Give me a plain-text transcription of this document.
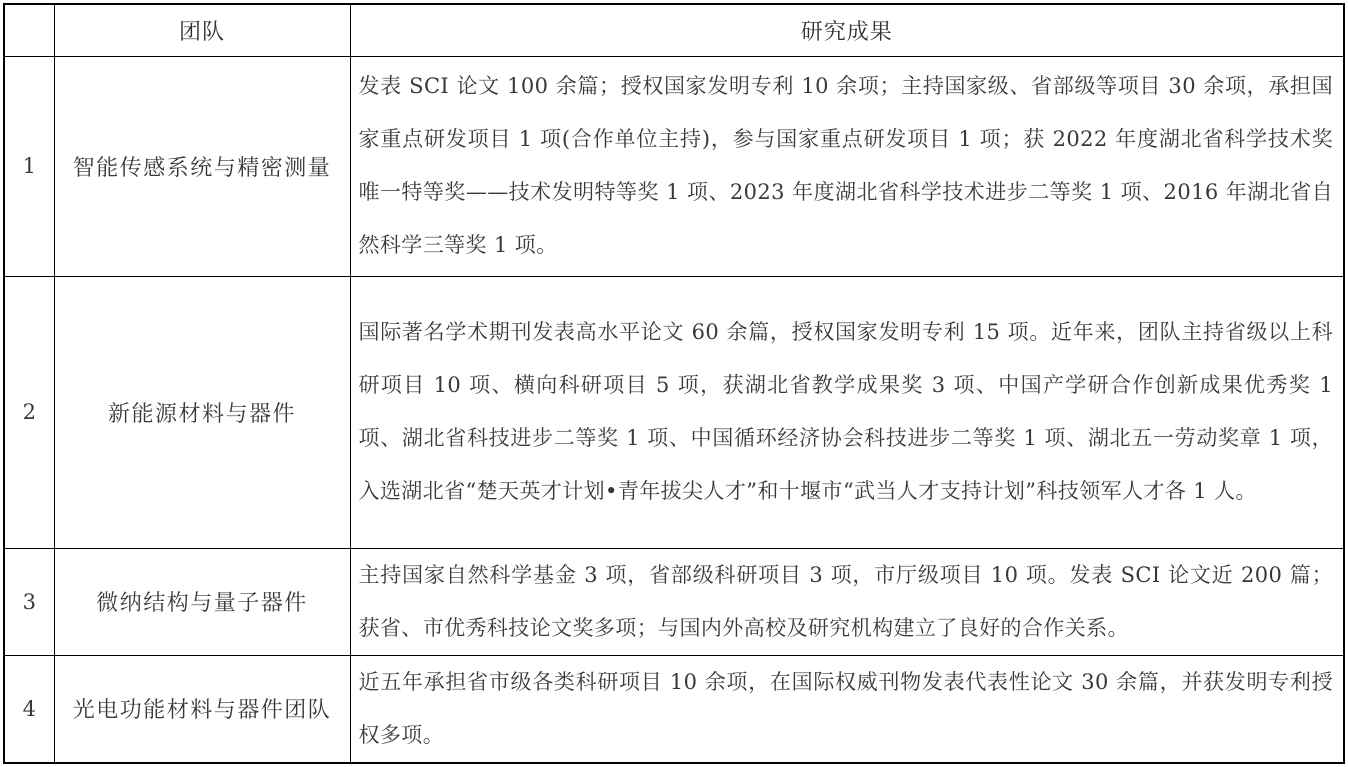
	团队	研究成果
1	智能传感系统与精密测量	发表 SCI 论文 100 余篇；授权国家发明专利 10 余项；主持国家级、省部级等项目 30 余项，承担国家重点研发项目 1 项(合作单位主持)，参与国家重点研发项目 1 项；获 2022 年度湖北省科学技术奖唯一特等奖——技术发明特等奖 1 项、2023 年度湖北省科学技术进步二等奖 1 项、2016 年湖北省自然科学三等奖 1 项。
2	新能源材料与器件	国际著名学术期刊发表高水平论文 60 余篇，授权国家发明专利 15 项。近年来，团队主持省级以上科研项目 10 项、横向科研项目 5 项，获湖北省教学成果奖 3 项、中国产学研合作创新成果优秀奖 1 项、湖北省科技进步二等奖 1 项、中国循环经济协会科技进步二等奖 1 项、湖北五一劳动奖章 1 项，入选湖北省“楚天英才计划•青年拔尖人才”和十堰市“武当人才支持计划”科技领军人才各 1 人。
3	微纳结构与量子器件	主持国家自然科学基金 3 项，省部级科研项目 3 项，市厅级项目 10 项。发表 SCI 论文近 200 篇；获省、市优秀科技论文奖多项；与国内外高校及研究机构建立了良好的合作关系。
4	光电功能材料与器件团队	近五年承担省市级各类科研项目 10 余项，在国际权威刊物发表代表性论文 30 余篇，并获发明专利授权多项。
